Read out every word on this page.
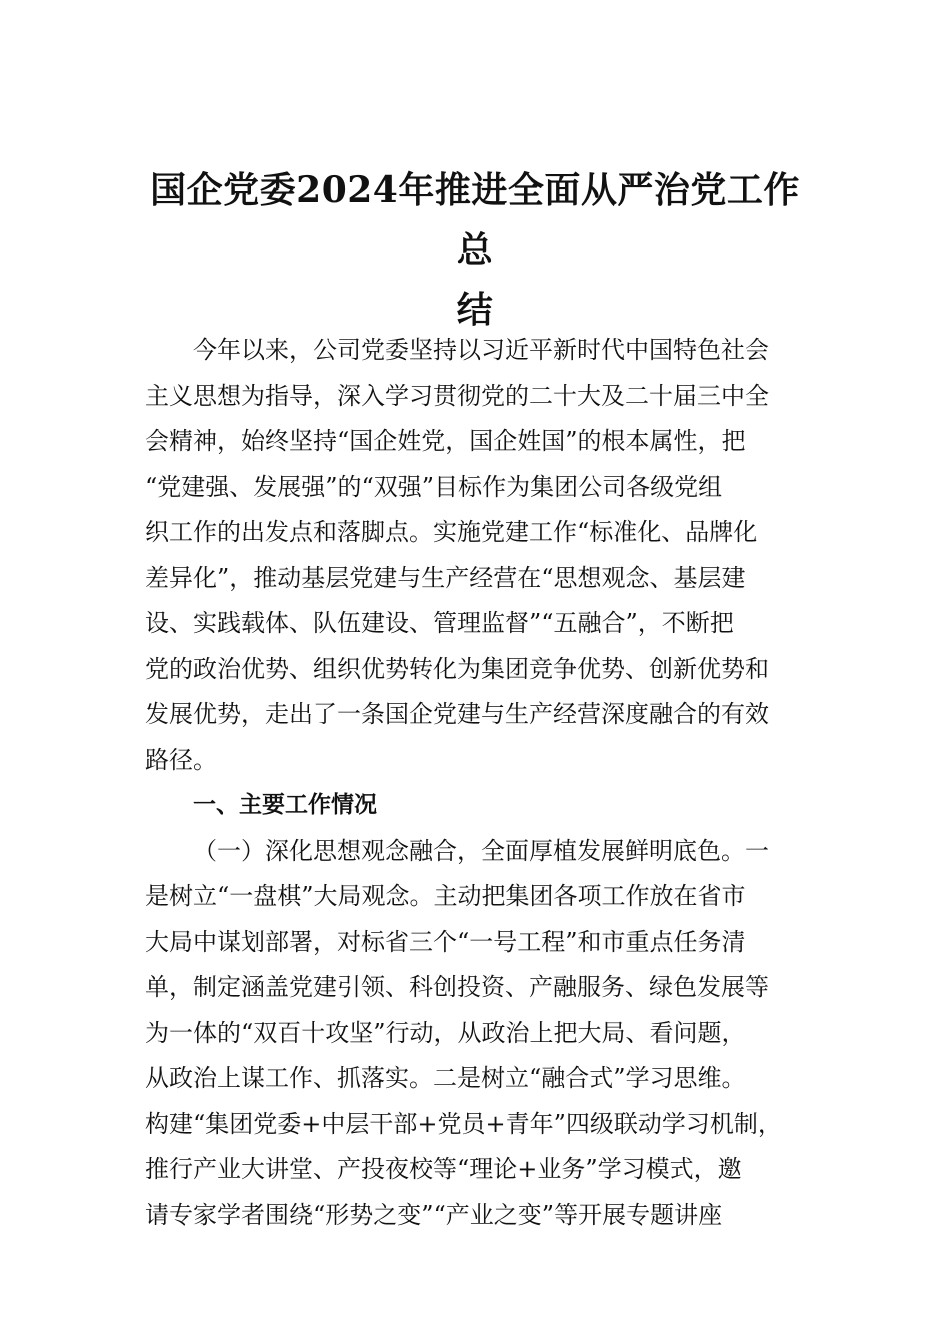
国企党委2024年推进全面从严治党工作总
结
今年以来，公司党委坚持以习近平新时代中国特色社会
主义思想为指导，深入学习贯彻党的二十大及二十届三中全
会精神，始终坚持“国企姓党，国企姓国”的根本属性，把
“党建强、发展强”的“双强”目标作为集团公司各级党组
织工作的出发点和落脚点。实施党建工作“标准化、品牌化
差异化”，推动基层党建与生产经营在“思想观念、基层建
设、实践载体、队伍建设、管理监督”“五融合”，不断把
党的政治优势、组织优势转化为集团竞争优势、创新优势和
发展优势，走出了一条国企党建与生产经营深度融合的有效
路径。
一、主要工作情况
（一）深化思想观念融合，全面厚植发展鲜明底色。一
是树立“一盘棋”大局观念。主动把集团各项工作放在省市
大局中谋划部署，对标省三个“一号工程”和市重点任务清
单，制定涵盖党建引领、科创投资、产融服务、绿色发展等
为一体的“双百十攻坚”行动，从政治上把大局、看问题，
从政治上谋工作、抓落实。二是树立“融合式”学习思维。
构建“集团党委+中层干部+党员+青年”四级联动学习机制，
推行产业大讲堂、产投夜校等“理论+业务”学习模式，邀
请专家学者围绕“形势之变”“产业之变”等开展专题讲座
